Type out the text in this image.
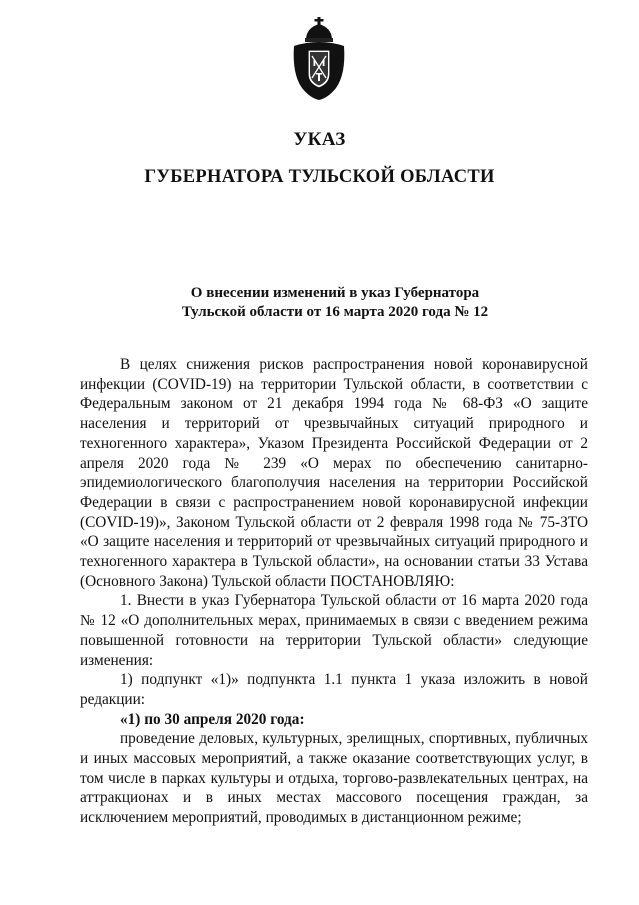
УКАЗ
ГУБЕРНАТОРА ТУЛЬСКОЙ ОБЛАСТИ
О внесении изменений в указ Губернатора
Тульской области от 16 марта 2020 года № 12

В целях снижения рисков распространения новой коронавирусной инфекции (COVID-19) на территории Тульской области, в соответствии с Федеральным законом от 21 декабря 1994 года № 68-ФЗ «О защите населения и территорий от чрезвычайных ситуаций природного и техногенного характера», Указом Президента Российской Федерации от 2 апреля 2020 года № 239 «О мерах по обеспечению санитарно-эпидемиологического благополучия населения на территории Российской Федерации в связи с распространением новой коронавирусной инфекции (COVID-19)», Законом Тульской области от 2 февраля 1998 года № 75-ЗТО «О защите населения и территорий от чрезвычайных ситуаций природного и техногенного характера в Тульской области», на основании статьи 33 Устава (Основного Закона) Тульской области ПОСТАНОВЛЯЮ:

1. Внести в указ Губернатора Тульской области от 16 марта 2020 года № 12 «О дополнительных мерах, принимаемых в связи с введением режима повышенной готовности на территории Тульской области» следующие изменения:

1) подпункт «1)» подпункта 1.1 пункта 1 указа изложить в новой редакции:

«1) по 30 апреля 2020 года:

проведение деловых, культурных, зрелищных, спортивных, публичных и иных массовых мероприятий, а также оказание соответствующих услуг, в том числе в парках культуры и отдыха, торгово-развлекательных центрах, на аттракционах и в иных местах массового посещения граждан, за исключением мероприятий, проводимых в дистанционном режиме;
